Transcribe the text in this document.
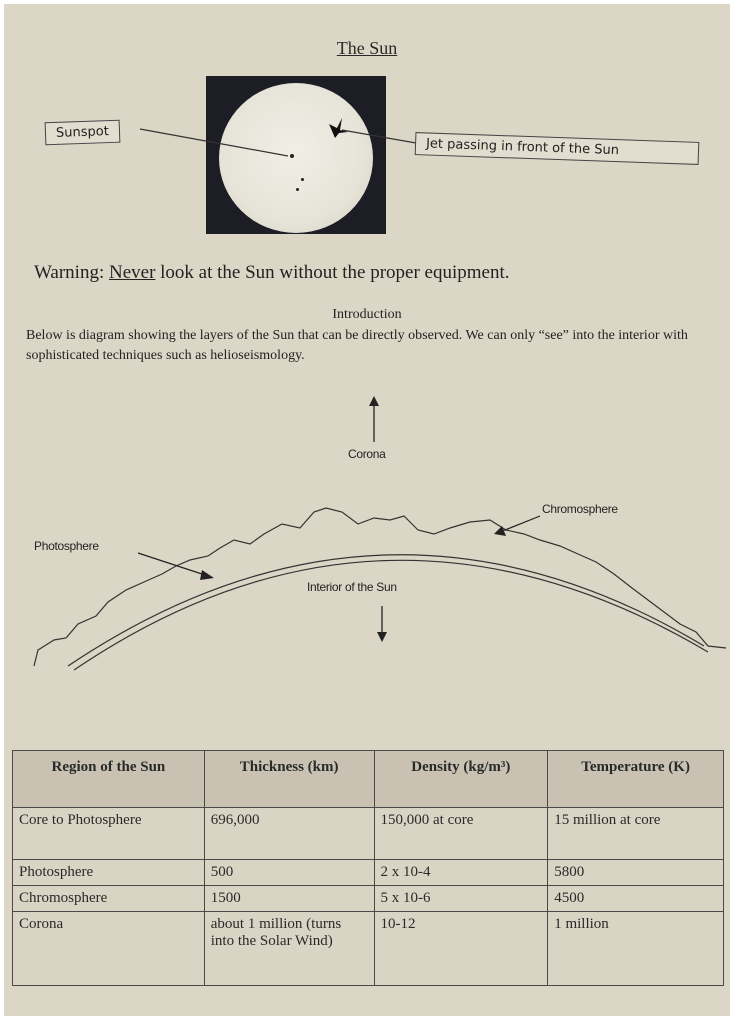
The Sun
Sunspot
Jet passing in front of the Sun
Warning: Never look at the Sun without the proper equipment.
Introduction
Below is diagram showing the layers of the Sun that can be directly observed. We can only “see” into the interior with sophisticated techniques such as helioseismology.
Corona
Chromosphere
Photosphere
Interior of the Sun
Region of the Sun	Thickness (km)	Density (kg/m³)	Temperature (K)
Core to Photosphere	696,000	150,000 at core	15 million at core
Photosphere	500	2 x 10-4	5800
Chromosphere	1500	5 x 10-6	4500
Corona	about 1 million (turns into the Solar Wind)	10-12	1 million
